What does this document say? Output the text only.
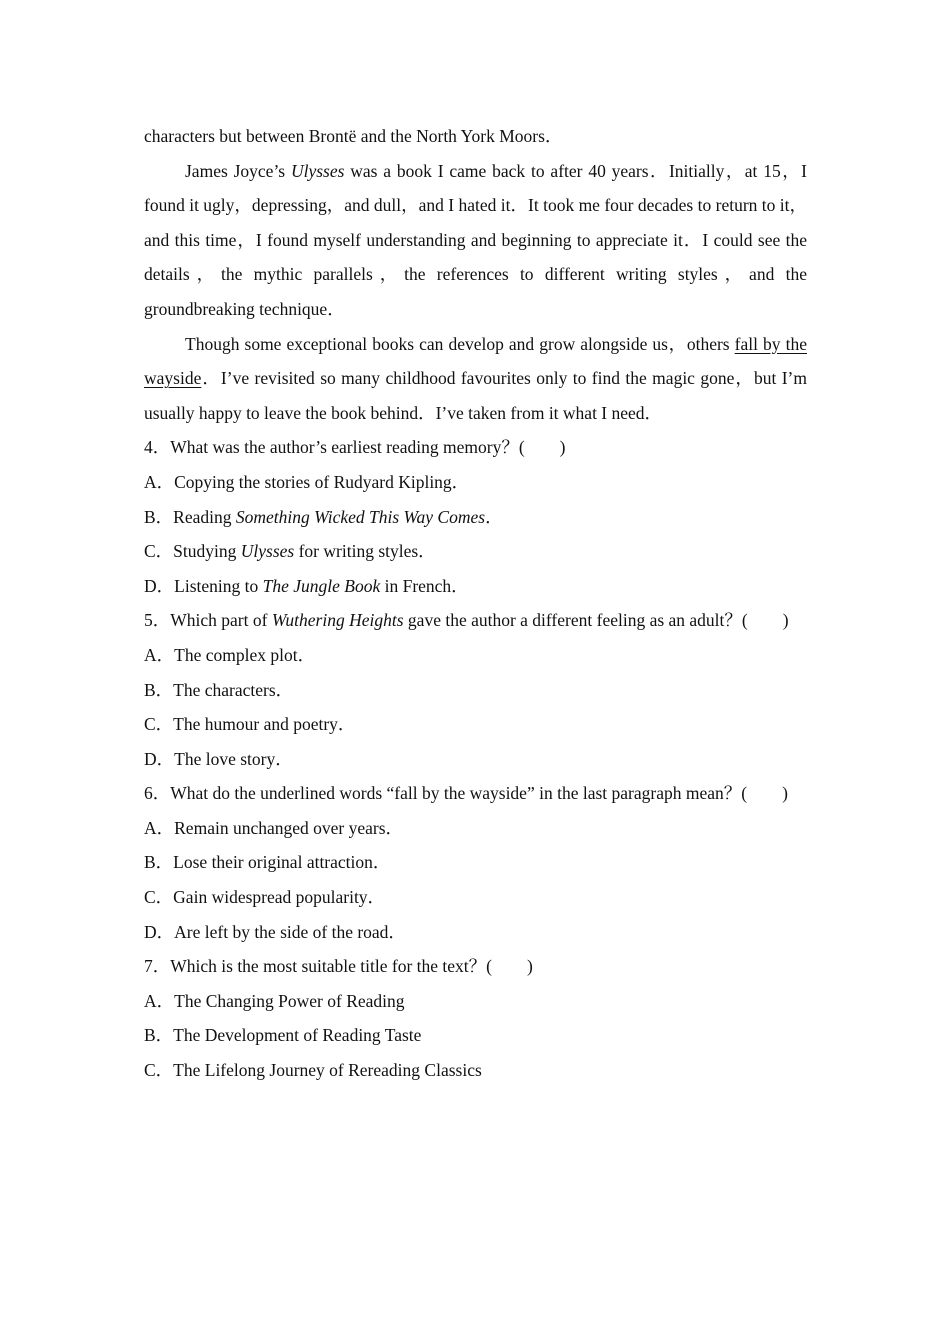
characters but between Brontë and the North York Moors．

James Joyce’s Ulysses was a book I came back to after 40 years．Initially，at 15，I found it ugly，depressing，and dull，and I hated it．It took me four decades to return to it，and this time，I found myself understanding and beginning to appreciate it．I could see the details，the mythic parallels，the references to different writing styles，and the groundbreaking technique．

Though some exceptional books can develop and grow alongside us，others fall by the wayside．I’ve revisited so many childhood favourites only to find the magic gone，but I’m usually happy to leave the book behind．I’ve taken from it what I need．

4．What was the author’s earliest reading memory？(　　)

A．Copying the stories of Rudyard Kipling．

B．Reading Something Wicked This Way Comes．

C．Studying Ulysses for writing styles．

D．Listening to The Jungle Book in French．

5．Which part of Wuthering Heights gave the author a different feeling as an adult？(　　)

A．The complex plot．

B．The characters．

C．The humour and poetry．

D．The love story．

6．What do the underlined words “fall by the wayside” in the last paragraph mean？(　　)

A．Remain unchanged over years．

B．Lose their original attraction．

C．Gain widespread popularity．

D．Are left by the side of the road．

7．Which is the most suitable title for the text？(　　)

A．The Changing Power of Reading

B．The Development of Reading Taste

C．The Lifelong Journey of Rereading Classics
